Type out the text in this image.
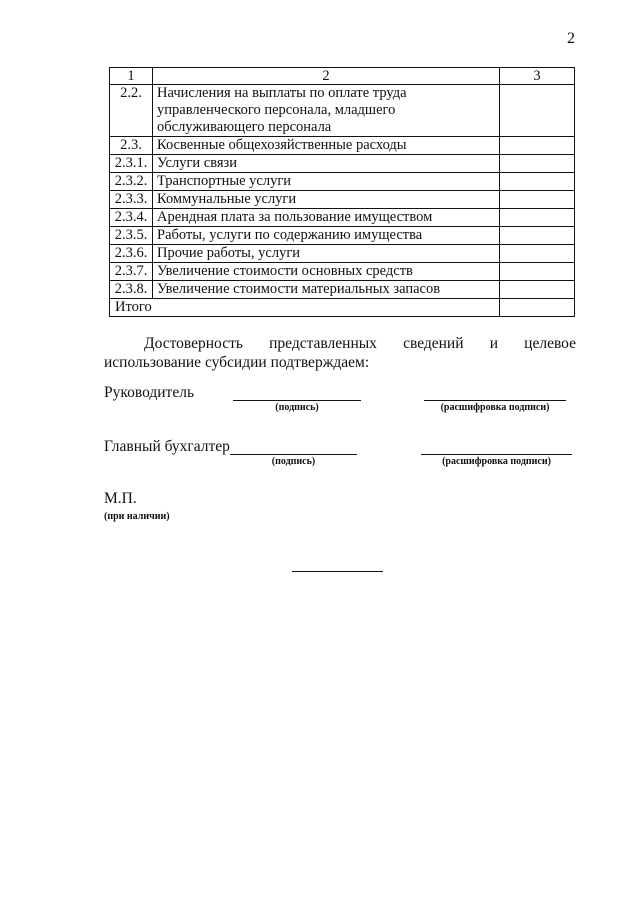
2
1	2	3
2.2.	Начисления на выплаты по оплате труда управленческого персонала, младшего обслуживающего персонала	
2.3.	Косвенные общехозяйственные расходы	
2.3.1.	Услуги связи	
2.3.2.	Транспортные услуги	
2.3.3.	Коммунальные услуги	
2.3.4.	Арендная плата за пользование имуществом	
2.3.5.	Работы, услуги по содержанию имущества	
2.3.6.	Прочие работы, услуги	
2.3.7.	Увеличение стоимости основных средств	
2.3.8.	Увеличение стоимости материальных запасов	
Итого		
Достоверность представленных сведений и целевое использование субсидии подтверждаем:
Руководитель
(подпись)	(расшифровка подписи)
Главный бухгалтер
(подпись)	(расшифровка подписи)
М.П.
(при наличии)
